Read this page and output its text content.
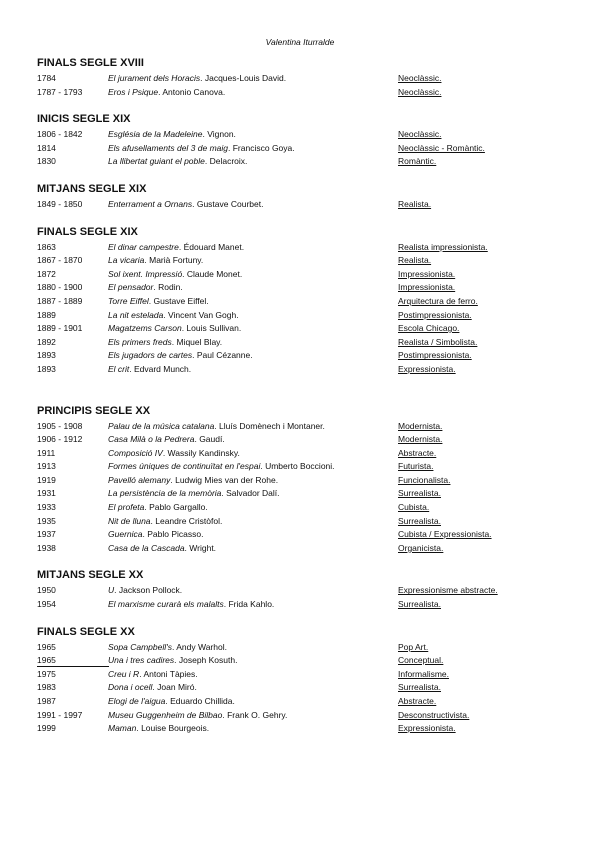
Valentina Iturralde
FINALS SEGLE XVIII
1784	El jurament dels Horacis. Jacques-Louis David.	Neoclàssic.
1787 - 1793	Eros i Psique. Antonio Canova.	Neoclàssic.
INICIS SEGLE XIX
1806 - 1842	Església de la Madeleine. Vignon.	Neoclàssic.
1814	Els afusellaments del 3 de maig. Francisco Goya.	Neoclàssic - Romàntic.
1830	La llibertat guiant el poble. Delacroix.	Romàntic.
MITJANS SEGLE XIX
1849 - 1850	Enterrament a Ornans. Gustave Courbet.	Realista.
FINALS SEGLE XIX
1863	El dinar campestre. Édouard Manet.	Realista impressionista.
1867 - 1870	La vicaria. Marià Fortuny.	Realista.
1872	Sol ixent. Impressió. Claude Monet.	Impressionista.
1880 - 1900	El pensador. Rodin.	Impressionista.
1887 - 1889	Torre Eiffel. Gustave Eiffel.	Arquitectura de ferro.
1889	La nit estelada. Vincent Van Gogh.	Postimpressionista.
1889 - 1901	Magatzems Carson. Louis Sullivan.	Escola Chicago.
1892	Els primers freds. Miquel Blay.	Realista / Simbolista.
1893	Els jugadors de cartes. Paul Cézanne.	Postimpressionista.
1893	El crit. Edvard Munch.	Expressionista.
PRINCIPIS SEGLE XX
1905 - 1908	Palau de la música catalana. Lluís Domènech i Montaner.	Modernista.
1906 - 1912	Casa Milà o la Pedrera. Gaudí.	Modernista.
1911	Composició IV. Wassily Kandinsky.	Abstracte.
1913	Formes úniques de continuïtat en l'espai. Umberto Boccioni.	Futurista.
1919	Pavelló alemany. Ludwig Mies van der Rohe.	Funcionalista.
1931	La persistència de la memòria. Salvador Dalí.	Surrealista.
1933	El profeta. Pablo Gargallo.	Cubista.
1935	Nit de lluna. Leandre Cristòfol.	Surrealista.
1937	Guernica. Pablo Picasso.	Cubista / Expressionista.
1938	Casa de la Cascada. Wright.	Organicista.
MITJANS SEGLE XX
1950	U. Jackson Pollock.	Expressionisme abstracte.
1954	El marxisme curarà els malalts. Frida Kahlo.	Surrealista.
FINALS SEGLE XX
1965	Sopa Campbell's. Andy Warhol.	Pop Art.
1965	Una i tres cadires. Joseph Kosuth.	Conceptual.
1975	Creu i R. Antoni Tàpies.	Informalisme.
1983	Dona i ocell. Joan Miró.	Surrealista.
1987	Elogi de l'aigua. Eduardo Chillida.	Abstracte.
1991 - 1997	Museu Guggenheim de Bilbao. Frank O. Gehry.	Desconstructivista.
1999	Maman. Louise Bourgeois.	Expressionista.
